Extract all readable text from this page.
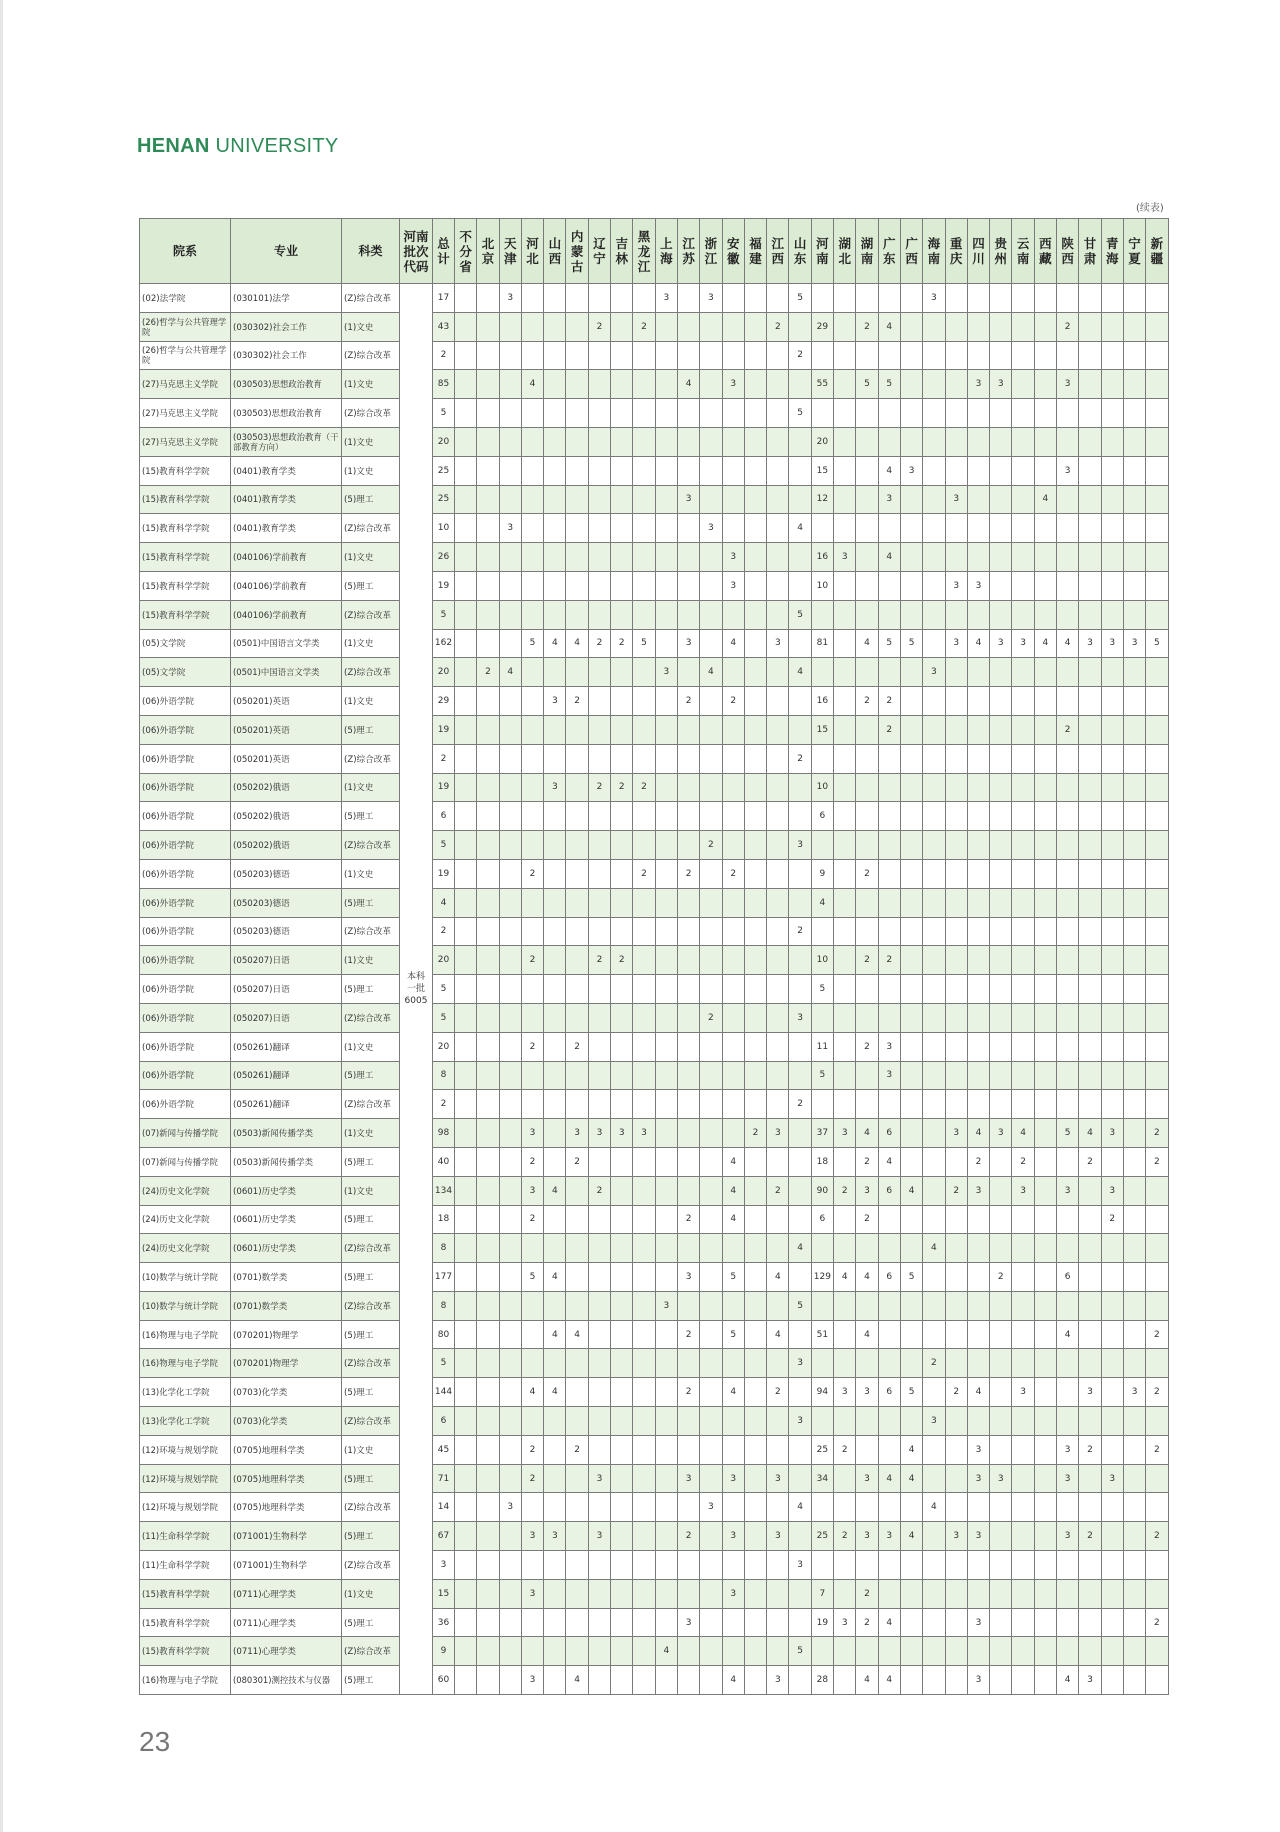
HENAN UNIVERSITY
(续表)
院系	专业	科类	河南批次代码	总计	不分省	北京	天津	河北	山西	内蒙古	辽宁	吉林	黑龙江	上海	江苏	浙江	安徽	福建	江西	山东	河南	湖北	湖南	广东	广西	海南	重庆	四川	贵州	云南	西藏	陕西	甘肃	青海	宁夏	新疆
(02)法学院	(030101)法学	(Z)综合改革	本科一批6005	17			3							3		3				5						3										
(26)哲学与公共管理学院	(030302)社会工作	(1)文史		43							2		2						2		29		2	4								2				
(26)哲学与公共管理学院	(030302)社会工作	(Z)综合改革		2																2																
(27)马克思主义学院	(030503)思想政治教育	(1)文史		85				4							4		3				55		5	5				3	3			3				
(27)马克思主义学院	(030503)思想政治教育	(Z)综合改革		5																5																
(27)马克思主义学院	(030503)思想政治教育（干部教育方向）	(1)文史		20																	20															
(15)教育科学学院	(0401)教育学类	(1)文史		25																	15			4	3							3				
(15)教育科学学院	(0401)教育学类	(5)理工		25											3						12			3			3				4					
(15)教育科学学院	(0401)教育学类	(Z)综合改革		10			3									3				4																
(15)教育科学学院	(040106)学前教育	(1)文史		26													3				16	3		4												
(15)教育科学学院	(040106)学前教育	(5)理工		19													3				10						3	3								
(15)教育科学学院	(040106)学前教育	(Z)综合改革		5																5																
(05)文学院	(0501)中国语言文学类	(1)文史		162				5	4	4	2	2	5		3		4		3		81		4	5	5		3	4	3	3	4	4	3	3	3	5
(05)文学院	(0501)中国语言文学类	(Z)综合改革		20		2	4							3		4				4						3										
(06)外语学院	(050201)英语	(1)文史		29					3	2					2		2				16		2	2												
(06)外语学院	(050201)英语	(5)理工		19																	15			2								2				
(06)外语学院	(050201)英语	(Z)综合改革		2																2																
(06)外语学院	(050202)俄语	(1)文史		19					3		2	2	2								10															
(06)外语学院	(050202)俄语	(5)理工		6																	6															
(06)外语学院	(050202)俄语	(Z)综合改革		5												2				3																
(06)外语学院	(050203)德语	(1)文史		19				2					2		2		2				9		2													
(06)外语学院	(050203)德语	(5)理工		4																	4															
(06)外语学院	(050203)德语	(Z)综合改革		2																2																
(06)外语学院	(050207)日语	(1)文史		20				2			2	2									10		2	2												
(06)外语学院	(050207)日语	(5)理工		5																	5															
(06)外语学院	(050207)日语	(Z)综合改革		5												2				3																
(06)外语学院	(050261)翻译	(1)文史		20				2		2											11		2	3												
(06)外语学院	(050261)翻译	(5)理工		8																	5			3												
(06)外语学院	(050261)翻译	(Z)综合改革		2																2																
(07)新闻与传播学院	(0503)新闻传播学类	(1)文史		98				3		3	3	3	3					2	3		37	3	4	6			3	4	3	4		5	4	3		2
(07)新闻与传播学院	(0503)新闻传播学类	(5)理工		40				2		2							4				18		2	4				2		2			2			2
(24)历史文化学院	(0601)历史学类	(1)文史		134				3	4		2						4		2		90	2	3	6	4		2	3		3		3		3		
(24)历史文化学院	(0601)历史学类	(5)理工		18				2							2		4				6		2											2		
(24)历史文化学院	(0601)历史学类	(Z)综合改革		8																4						4										
(10)数学与统计学院	(0701)数学类	(5)理工		177				5	4						3		5		4		129	4	4	6	5				2			6				
(10)数学与统计学院	(0701)数学类	(Z)综合改革		8										3						5																
(16)物理与电子学院	(070201)物理学	(5)理工		80					4	4					2		5		4		51		4									4				2
(16)物理与电子学院	(070201)物理学	(Z)综合改革		5																3						2										
(13)化学化工学院	(0703)化学类	(5)理工		144				4	4						2		4		2		94	3	3	6	5		2	4		3			3		3	2
(13)化学化工学院	(0703)化学类	(Z)综合改革		6																3						3										
(12)环境与规划学院	(0705)地理科学类	(1)文史		45				2		2											25	2			4			3				3	2			2
(12)环境与规划学院	(0705)地理科学类	(5)理工		71				2			3				3		3		3		34		3	4	4			3	3			3		3		
(12)环境与规划学院	(0705)地理科学类	(Z)综合改革		14			3									3				4						4										
(11)生命科学学院	(071001)生物科学	(5)理工		67				3	3		3				2		3		3		25	2	3	3	4		3	3				3	2			2
(11)生命科学学院	(071001)生物科学	(Z)综合改革		3																3																
(15)教育科学学院	(0711)心理学类	(1)文史		15				3									3				7		2													
(15)教育科学学院	(0711)心理学类	(5)理工		36											3						19	3	2	4				3								2
(15)教育科学学院	(0711)心理学类	(Z)综合改革		9										4						5																
(16)物理与电子学院	(080301)测控技术与仪器	(5)理工		60				3		4							4		3		28		4	4				3				4	3			
23
